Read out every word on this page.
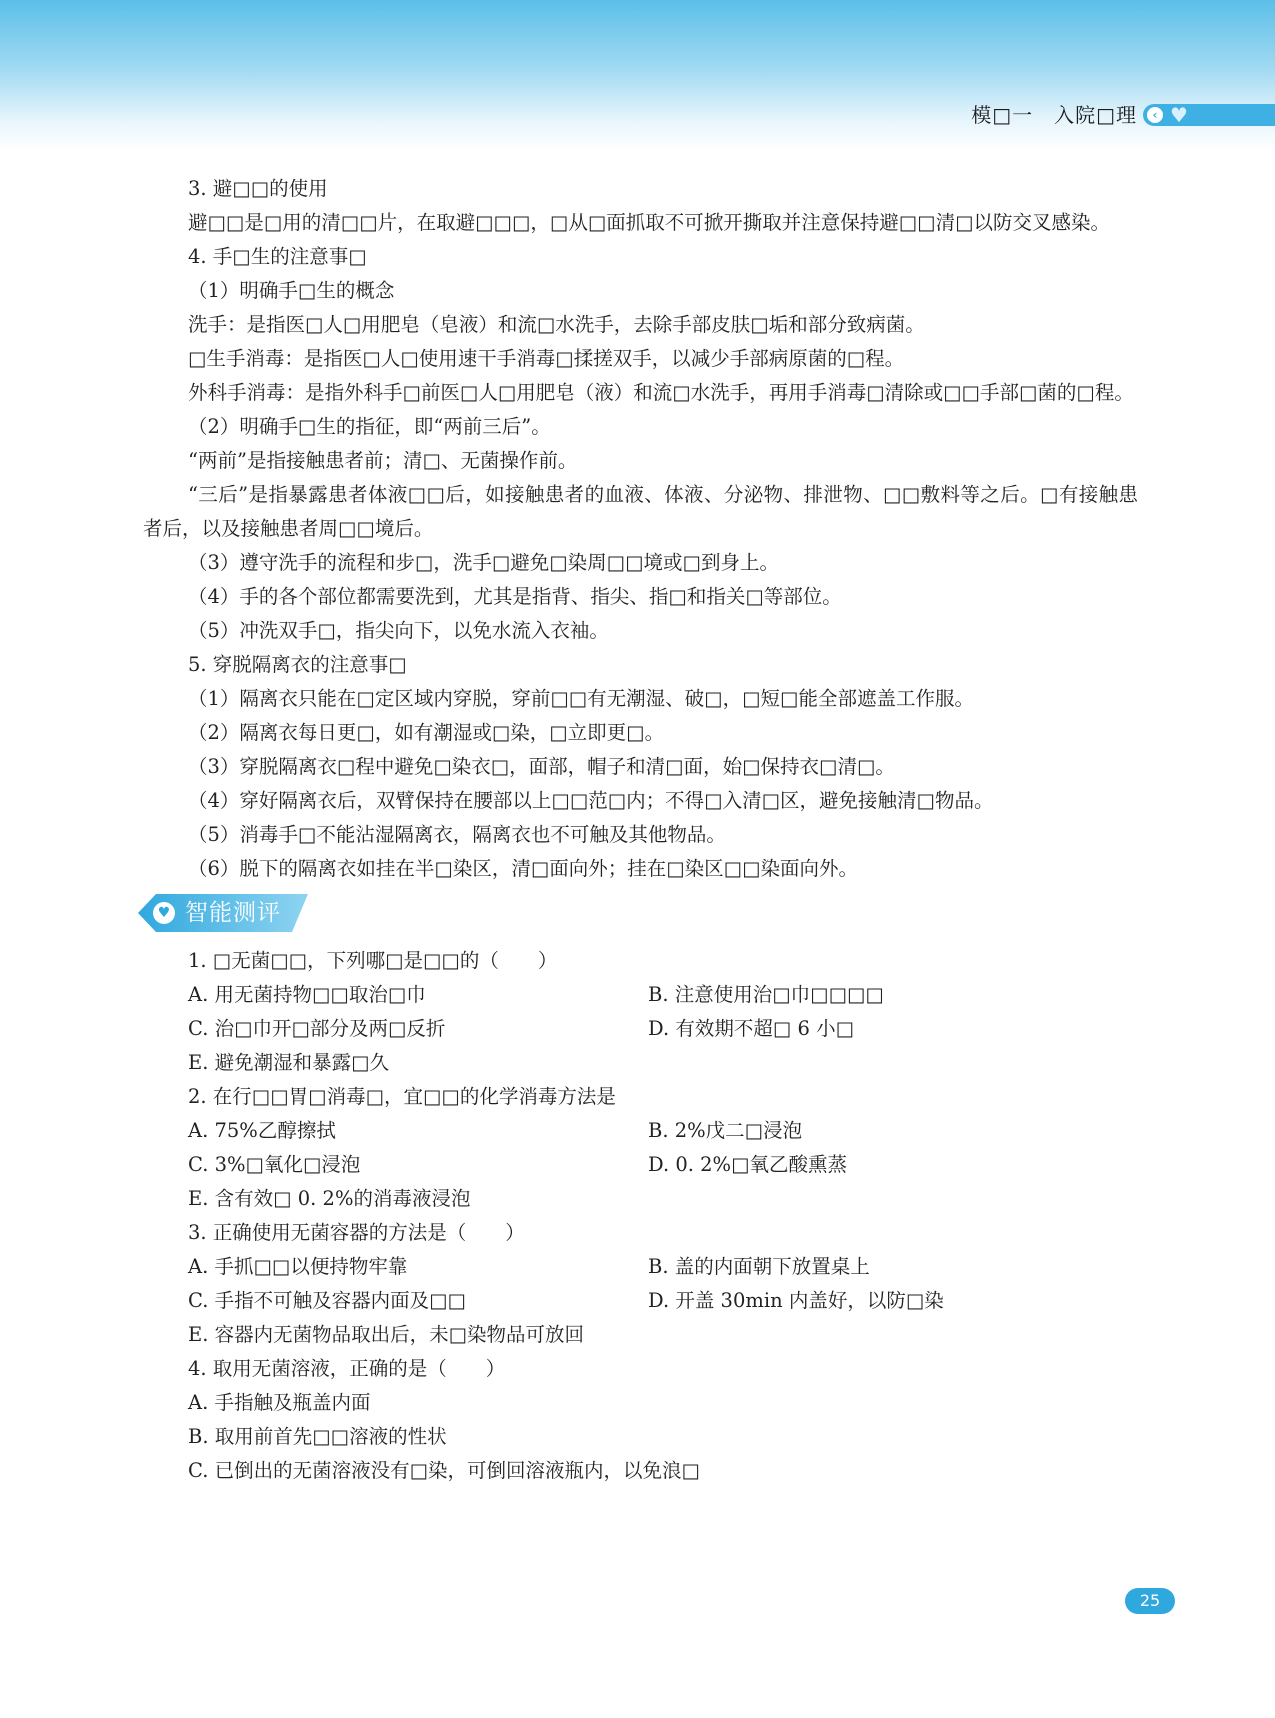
模□一　入院□理	‹ ♥

3. 避□□的使用

避□□是□用的清□□片，在取避□□□，□从□面抓取不可掀开撕取并注意保持避□□清□以防交叉感染。

4. 手□生的注意事□

（1）明确手□生的概念

洗手：是指医□人□用肥皂（皂液）和流□水洗手，去除手部皮肤□垢和部分致病菌。

□生手消毒：是指医□人□使用速干手消毒□揉搓双手，以减少手部病原菌的□程。

外科手消毒：是指外科手□前医□人□用肥皂（液）和流□水洗手，再用手消毒□清除或□□手部□菌的□程。

（2）明确手□生的指征，即“两前三后”。

“两前”是指接触患者前；清□、无菌操作前。

“三后”是指暴露患者体液□□后，如接触患者的血液、体液、分泌物、排泄物、□□敷料等之后。□有接触患者后，以及接触患者周□□境后。

（3）遵守洗手的流程和步□，洗手□避免□染周□□境或□到身上。

（4）手的各个部位都需要洗到，尤其是指背、指尖、指□和指关□等部位。

（5）冲洗双手□，指尖向下，以免水流入衣袖。

5. 穿脱隔离衣的注意事□

（1）隔离衣只能在□定区域内穿脱，穿前□□有无潮湿、破□，□短□能全部遮盖工作服。

（2）隔离衣每日更□，如有潮湿或□染，□立即更□。

（3）穿脱隔离衣□程中避免□染衣□，面部，帽子和清□面，始□保持衣□清□。

（4）穿好隔离衣后，双臂保持在腰部以上□□范□内；不得□入清□区，避免接触清□物品。

（5）消毒手□不能沾湿隔离衣，隔离衣也不可触及其他物品。

（6）脱下的隔离衣如挂在半□染区，清□面向外；挂在□染区□□染面向外。

♥ 智能测评

1. □无菌□□，下列哪□是□□的（　　）

A. 用无菌持物□□取治□巾	B. 注意使用治□巾□□□□
C. 治□巾开□部分及两□反折	D. 有效期不超□ 6 小□

E. 避免潮湿和暴露□久

2. 在行□□胃□消毒□，宜□□的化学消毒方法是

A. 75%乙醇擦拭	B. 2%戊二□浸泡
C. 3%□氧化□浸泡	D. 0. 2%□氧乙酸熏蒸

E. 含有效□ 0. 2%的消毒液浸泡

3. 正确使用无菌容器的方法是（　　）

A. 手抓□□以便持物牢靠	B. 盖的内面朝下放置桌上
C. 手指不可触及容器内面及□□	D. 开盖 30min 内盖好，以防□染

E. 容器内无菌物品取出后，未□染物品可放回

4. 取用无菌溶液，正确的是（　　）

A. 手指触及瓶盖内面

B. 取用前首先□□溶液的性状

C. 已倒出的无菌溶液没有□染，可倒回溶液瓶内，以免浪□

25
